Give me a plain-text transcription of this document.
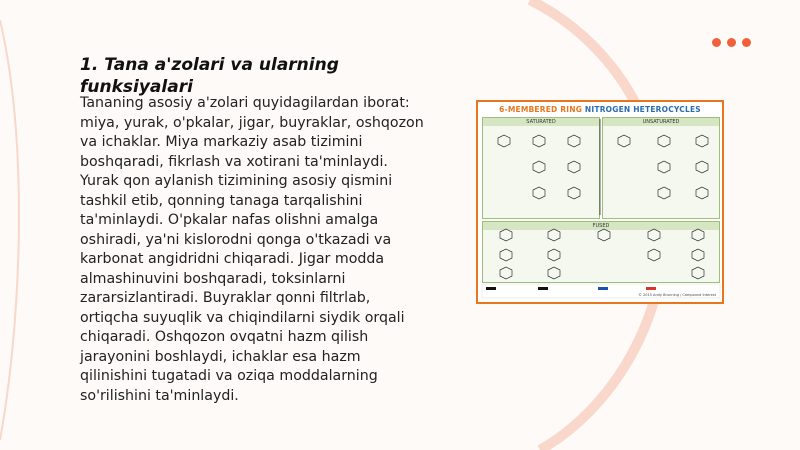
1. Tana a'zolari va ularning funksiyalari

Tananing asosiy a'zolari quyidagilardan iborat: miya, yurak, o'pkalar, jigar, buyraklar, oshqozon va ichaklar. Miya markaziy asab tizimini boshqaradi, fikrlash va xotirani ta'minlaydi. Yurak qon aylanish tizimining asosiy qismini tashkil etib, qonning tanaga tarqalishini ta'minlaydi. O'pkalar nafas olishni amalga oshiradi, ya'ni kislorodni qonga o'tkazadi va karbonat angidridni chiqaradi. Jigar modda almashinuvini boshqaradi, toksinlarni zararsizlantiradi. Buyraklar qonni filtrlab, ortiqcha suyuqlik va chiqindilarni siydik orqali chiqaradi. Oshqozon ovqatni hazm qilish jarayonini boshlaydi, ichaklar esa hazm qilinishini tugatadi va oziqa moddalarning so'rilishini ta'minlaydi.

6-MEMBERED RING NITROGEN HETEROCYCLES
SATURATED	UNSATURATED
FUSED
© 2015 Andy Brunning / Compound Interest
